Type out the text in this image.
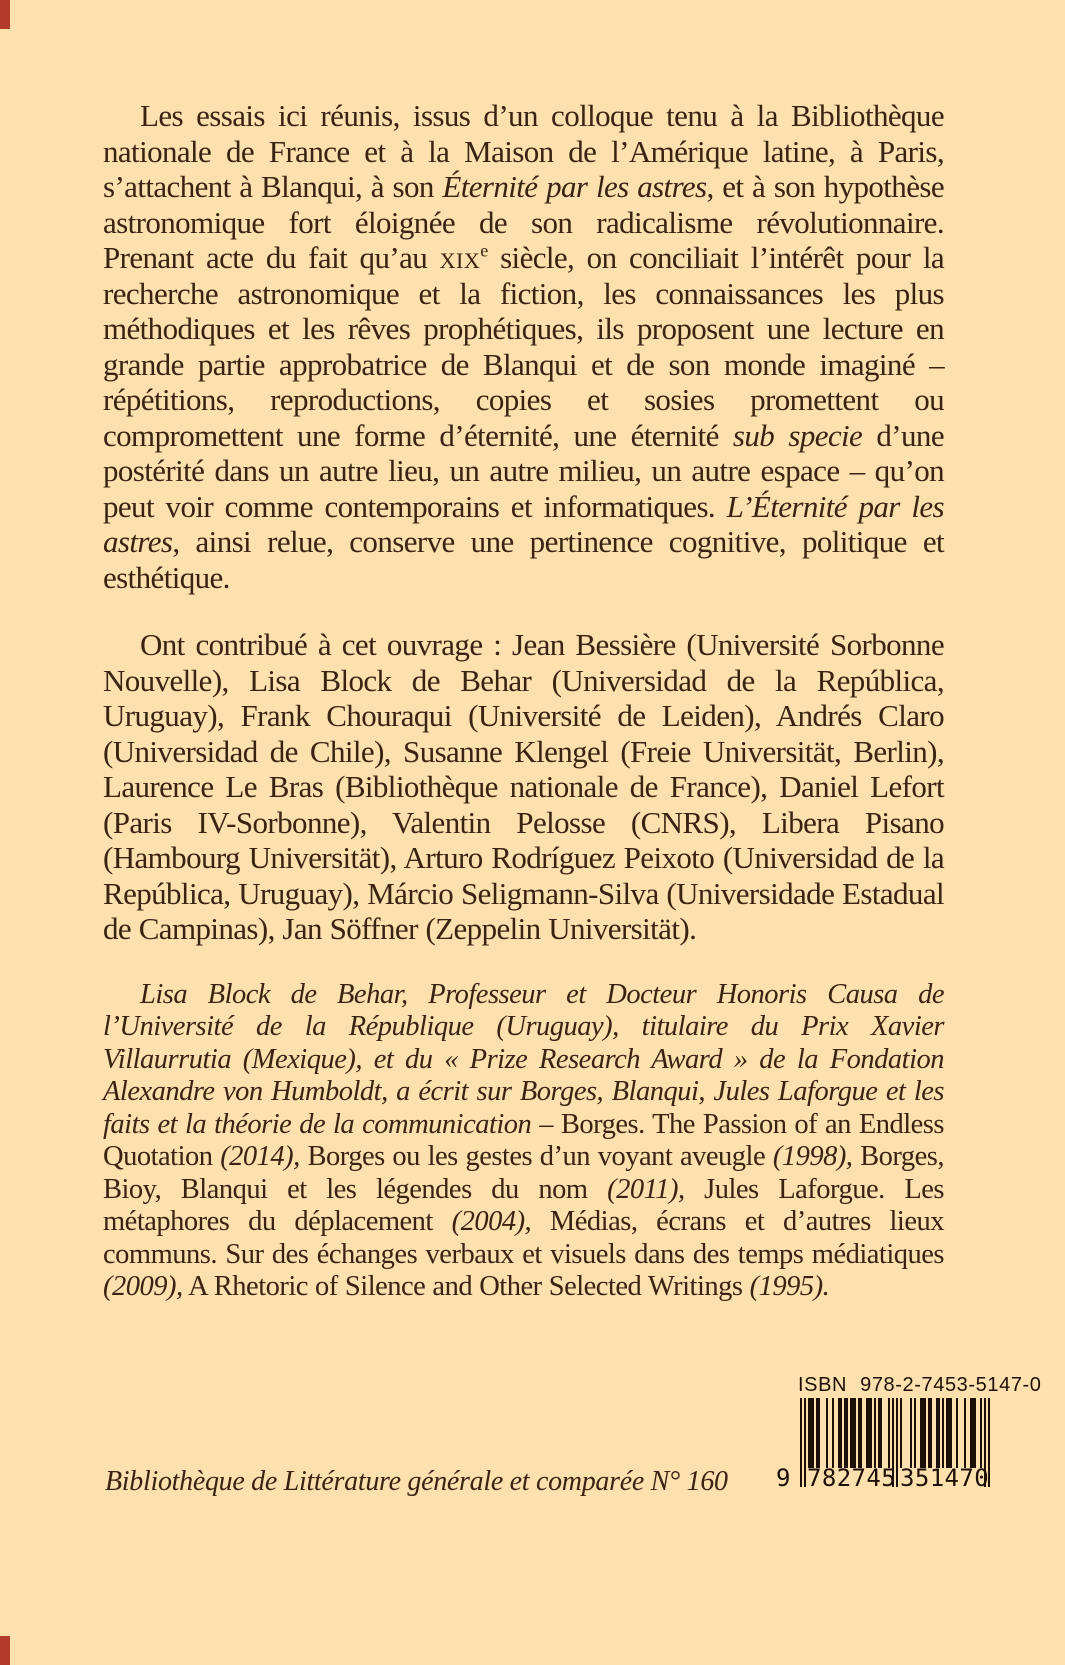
Les essais ici réunis, issus d’un colloque tenu à la Bibliothèque nationale de France et à la Maison de l’Amérique latine, à Paris, s’attachent à Blanqui, à son Éternité par les astres, et à son hypothèse astronomique fort éloignée de son radicalisme révolutionnaire. Prenant acte du fait qu’au xix$^e$ siècle, on conciliait l’intérêt pour la recherche astronomique et la fiction, les connaissances les plus méthodiques et les rêves prophétiques, ils proposent une lecture en grande partie approbatrice de Blanqui et de son monde imaginé – répétitions, reproductions, copies et sosies promettent ou compromettent une forme d’éternité, une éternité sub specie d’une postérité dans un autre lieu, un autre milieu, un autre espace – qu’on peut voir comme contemporains et informatiques. L’Éternité par les astres, ainsi relue, conserve une pertinence cognitive, politique et esthétique.

Ont contribué à cet ouvrage : Jean Bessière (Université Sorbonne Nouvelle), Lisa Block de Behar (Universidad de la República, Uruguay), Frank Chouraqui (Université de Leiden), Andrés Claro (Universidad de Chile), Susanne Klengel (Freie Universität, Berlin), Laurence Le Bras (Bibliothèque nationale de France), Daniel Lefort (Paris IV-Sorbonne), Valentin Pelosse (CNRS), Libera Pisano (Hambourg Universität), Arturo Rodríguez Peixoto (Universidad de la República, Uruguay), Márcio Seligmann-Silva (Universidade Estadual de Campinas), Jan Söffner (Zeppelin Universität).

Lisa Block de Behar, Professeur et Docteur Honoris Causa de l’Université de la République (Uruguay), titulaire du Prix Xavier Villaurrutia (Mexique), et du « Prize Research Award » de la Fondation Alexandre von Humboldt, a écrit sur Borges, Blanqui, Jules Laforgue et les faits et la théorie de la communication – Borges. The Passion of an Endless Quotation (2014), Borges ou les gestes d’un voyant aveugle (1998), Borges, Bioy, Blanqui et les légendes du nom (2011), Jules Laforgue. Les métaphores du déplacement (2004), Médias, écrans et d’autres lieux communs. Sur des échanges verbaux et visuels dans des temps médiatiques (2009), A Rhetoric of Silence and Other Selected Writings (1995).

Bibliothèque de Littérature générale et comparée N° 160
ISBN 978-2-7453-5147-0
9 782745 351470
